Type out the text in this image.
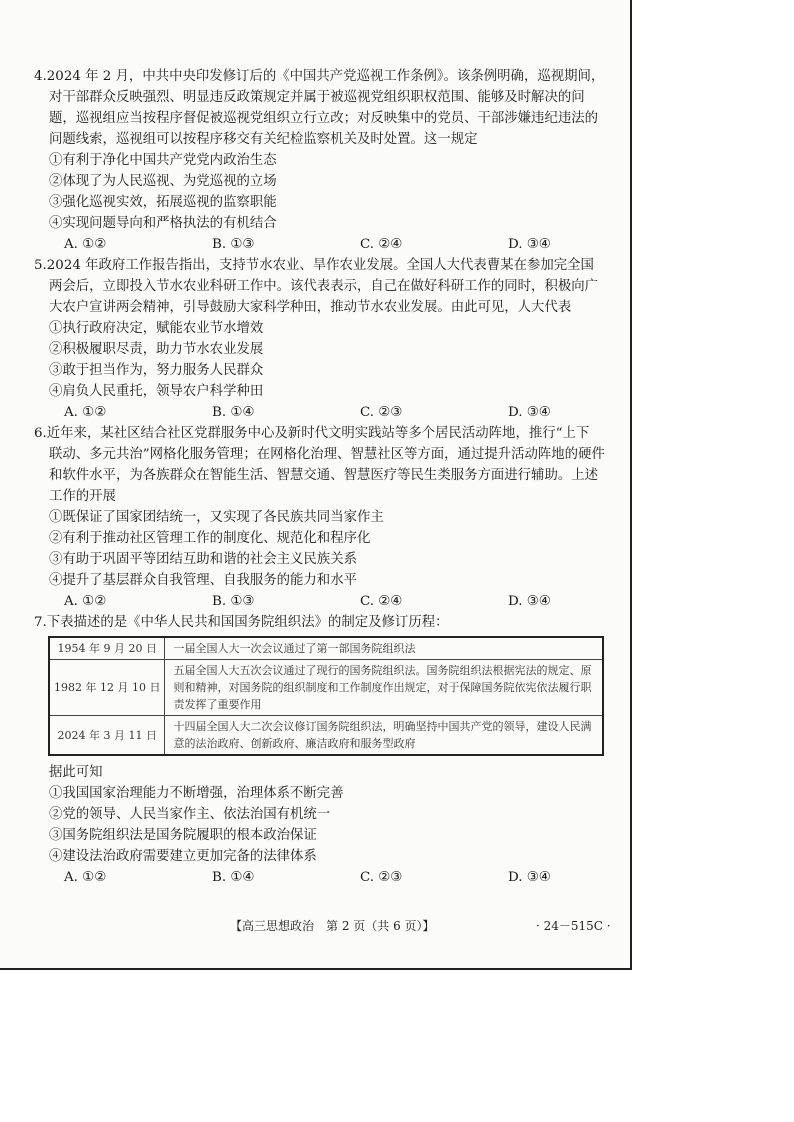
4.2024 年 2 月，中共中央印发修订后的《中国共产党巡视工作条例》。该条例明确，巡视期间，
对干部群众反映强烈、明显违反政策规定并属于被巡视党组织职权范围、能够及时解决的问
题，巡视组应当按程序督促被巡视党组织立行立改；对反映集中的党员、干部涉嫌违纪违法的
问题线索，巡视组可以按程序移交有关纪检监察机关及时处置。这一规定
①有利于净化中国共产党党内政治生态
②体现了为人民巡视、为党巡视的立场
③强化巡视实效，拓展巡视的监察职能
④实现问题导向和严格执法的有机结合
A. ①②	B. ①③	C. ②④	D. ③④
5.2024 年政府工作报告指出，支持节水农业、旱作农业发展。全国人大代表曹某在参加完全国
两会后，立即投入节水农业科研工作中。该代表表示，自己在做好科研工作的同时，积极向广
大农户宣讲两会精神，引导鼓励大家科学种田，推动节水农业发展。由此可见，人大代表
①执行政府决定，赋能农业节水增效
②积极履职尽责，助力节水农业发展
③敢于担当作为，努力服务人民群众
④肩负人民重托，领导农户科学种田
A. ①②	B. ①④	C. ②③	D. ③④
6.近年来，某社区结合社区党群服务中心及新时代文明实践站等多个居民活动阵地，推行“上下
联动、多元共治”网格化服务管理；在网格化治理、智慧社区等方面，通过提升活动阵地的硬件
和软件水平，为各族群众在智能生活、智慧交通、智慧医疗等民生类服务方面进行辅助。上述
工作的开展
①既保证了国家团结统一，又实现了各民族共同当家作主
②有利于推动社区管理工作的制度化、规范化和程序化
③有助于巩固平等团结互助和谐的社会主义民族关系
④提升了基层群众自我管理、自我服务的能力和水平
A. ①②	B. ①③	C. ②④	D. ③④
7.下表描述的是《中华人民共和国国务院组织法》的制定及修订历程：
1954 年 9 月 20 日	一届全国人大一次会议通过了第一部国务院组织法
1982 年 12 月 10 日	五届全国人大五次会议通过了现行的国务院组织法。国务院组织法根据宪法的规定、原则和精神，对国务院的组织制度和工作制度作出规定，对于保障国务院依宪依法履行职责发挥了重要作用
2024 年 3 月 11 日	十四届全国人大二次会议修订国务院组织法，明确坚持中国共产党的领导，建设人民满意的法治政府、创新政府、廉洁政府和服务型政府
据此可知
①我国国家治理能力不断增强，治理体系不断完善
②党的领导、人民当家作主、依法治国有机统一
③国务院组织法是国务院履职的根本政治保证
④建设法治政府需要建立更加完备的法律体系
A. ①②	B. ①④	C. ②③	D. ③④
【高三思想政治　第 2 页（共 6 页）】	· 24－515C ·
